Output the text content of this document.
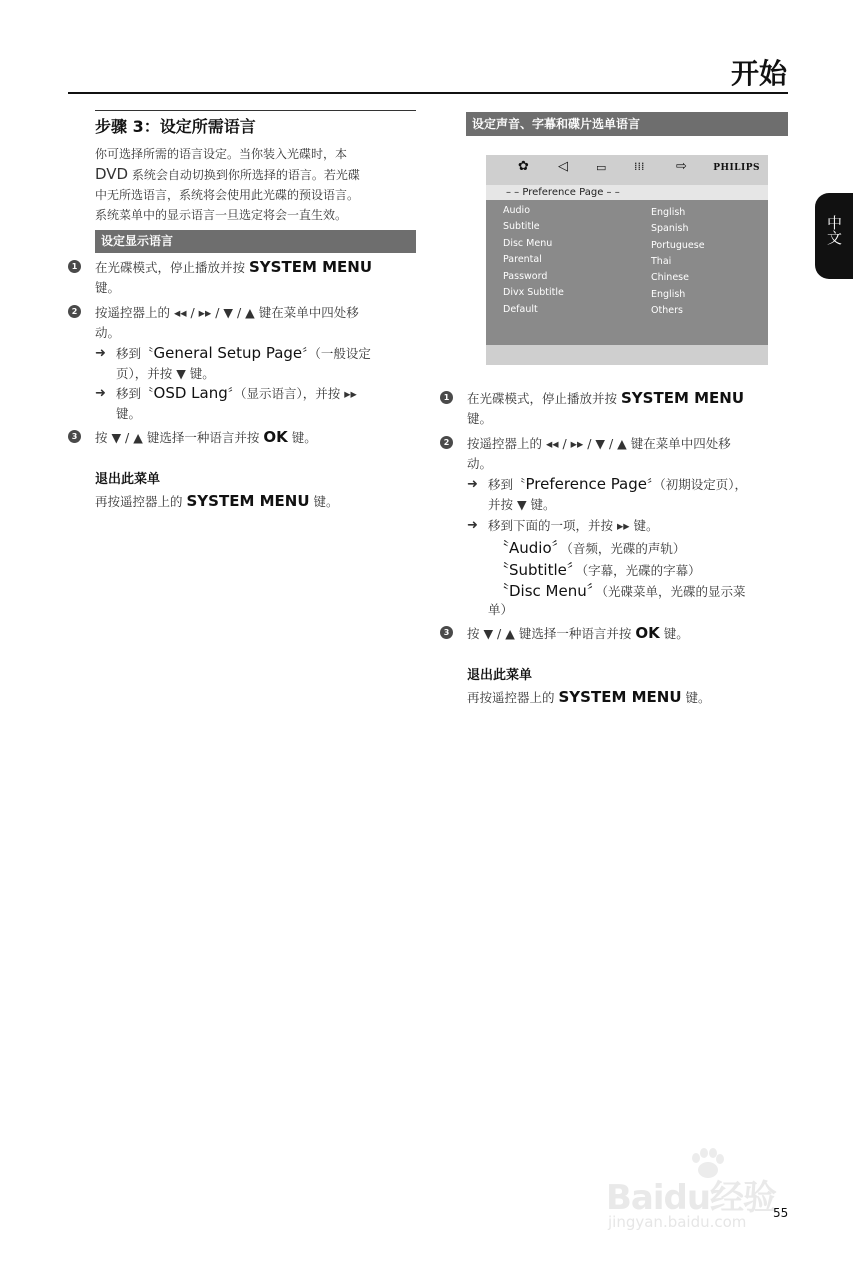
开始
中文
步骤 3：设定所需语言
你可选择所需的语言设定。当你装入光碟时，本
DVD 系统会自动切换到你所选择的语言。若光碟
中无所选语言，系统将会使用此光碟的预设语言。
系统菜单中的显示语言一旦选定将会一直生效。
设定显示语言
1 在光碟模式，停止播放并按 SYSTEM MENU
键。
2 按遥控器上的 ◂◂ / ▸▸ / ▼ / ▲ 键在菜单中四处移
动。
➜ 移到〝General Setup Page〞（一般设定
页），并按 ▼ 键。
➜ 移到〝OSD Lang〞（显示语言），并按 ▸▸
键。
3 按 ▼ / ▲ 键选择一种语言并按 OK 键。
退出此菜单
再按遥控器上的 SYSTEM MENU 键。
设定声音、字幕和碟片选单语言
✿ ◁	▭	⁞⁞⁞ ⇨	PHILIPS
– – Preference Page – –
Audio	English
Subtitle	Spanish
Disc Menu	Portuguese
Parental	Thai
Password	Chinese
Divx Subtitle	English
Default	Others
1 在光碟模式，停止播放并按 SYSTEM MENU
键。
2 按遥控器上的 ◂◂ / ▸▸ / ▼ / ▲ 键在菜单中四处移
动。
➜ 移到〝Preference Page〞（初期设定页），
并按 ▼ 键。
➜ 移到下面的一项，并按 ▸▸ 键。
〝Audio〞（音频，光碟的声轨）
〝Subtitle〞（字幕，光碟的字幕）
〝Disc Menu〞（光碟菜单，光碟的显示菜
单）
3 按 ▼ / ▲ 键选择一种语言并按 OK 键。
退出此菜单
再按遥控器上的 SYSTEM MENU 键。
Baidu经验
jingyan.baidu.com 55
